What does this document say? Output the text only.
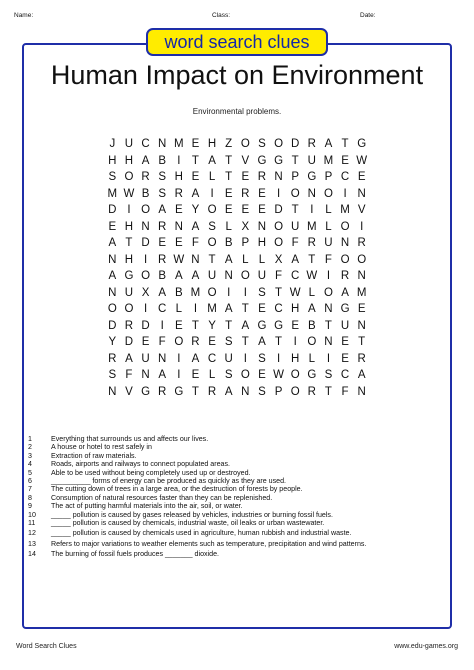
Name:	Class:	Date:
word search clues
Human Impact on Environment
Environmental problems.
J U C N M E H Z O S O D R A T G
H H A B I	T A T V G G T U M E W
S O R S H E L T E R N P G P C E
M W B S R A I E R E I O N O I N
D I O A E Y O E E E D T	I	L M V
E H N R N A S L X N O U M L O I
A T D E E F O B P H O F R U N R
N H I R W N T A L L X A T F O O
A G O B A A U N O U F C W I R N
N U X A B M O I	I S T W L O A M
O O I C L	I M A T E C H A N G E
D R D I E T Y T A G G E B T U N
Y D E F O R E S T A T	I O N E T
R A U N I A C U I S I H L	I E R
S F N A I E L S O E W O G S C A
N V G R G T R A N S P O R T F N
1	Everything that surrounds us and affects our lives.
2	A house or hotel to rest safely in
3	Extraction of raw materials.
4	Roads, airports and railways to connect populated areas.
5	Able to be used without being completely used up or destroyed.
6	__________ forms of energy can be produced as quickly as they are used.
7	The cutting down of trees in a large area, or the destruction of forests by people.
8	Consumption of natural resources faster than they can be replenished.
9	The act of putting harmful materials into the air, soil, or water.
10	_____ pollution is caused by gases released by vehicles, industries or burning fossil fuels.
11	_____ pollution is caused by chemicals, industrial waste, oil leaks or urban wastewater.
12	_____ pollution is caused by chemicals used in agriculture, human rubbish and industrial waste.
13	Refers to major variations to weather elements such as temperature, precipitation and wind patterns.
14	The burning of fossil fuels produces _______ dioxide.
Word Search Clues	www.edu-games.org
